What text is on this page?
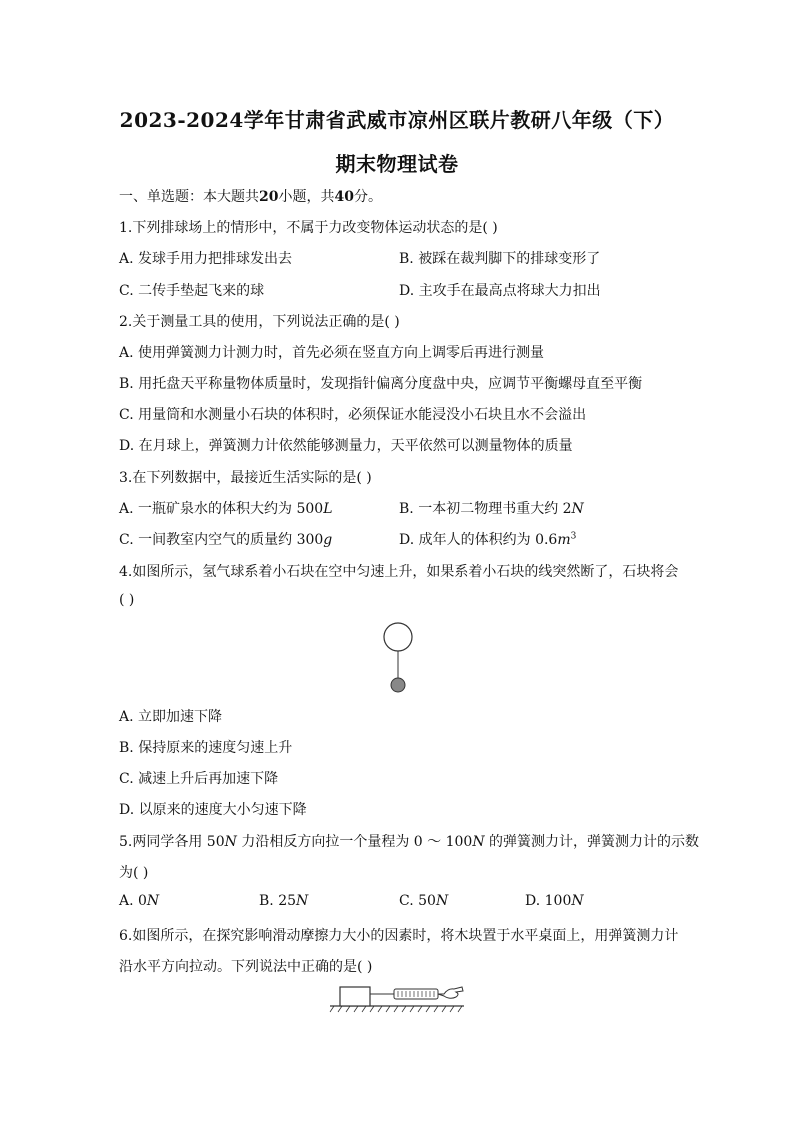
2023-2024学年甘肃省武威市凉州区联片教研八年级（下）
期末物理试卷
一、单选题：本大题共20小题，共40分。
1.下列排球场上的情形中，不属于力改变物体运动状态的是( )
A. 发球手用力把排球发出去	B. 被踩在裁判脚下的排球变形了
C. 二传手垫起飞来的球	D. 主攻手在最高点将球大力扣出
2.关于测量工具的使用，下列说法正确的是( )
A. 使用弹簧测力计测力时，首先必须在竖直方向上调零后再进行测量
B. 用托盘天平称量物体质量时，发现指针偏离分度盘中央，应调节平衡螺母直至平衡
C. 用量筒和水测量小石块的体积时，必须保证水能浸没小石块且水不会溢出
D. 在月球上，弹簧测力计依然能够测量力，天平依然可以测量物体的质量
3.在下列数据中，最接近生活实际的是( )
A. 一瓶矿泉水的体积大约为 500L	B. 一本初二物理书重大约 2N
C. 一间教室内空气的质量约 300g	D. 成年人的体积约为 $0.6m^3$
4.如图所示，氢气球系着小石块在空中匀速上升，如果系着小石块的线突然断了，石块将会
( )
A. 立即加速下降
B. 保持原来的速度匀速上升
C. 减速上升后再加速下降
D. 以原来的速度大小匀速下降
5.两同学各用 50N 力沿相反方向拉一个量程为 0 ～ 100N 的弹簧测力计，弹簧测力计的示数
为( )
A. 0N	B. 25N	C. 50N	D. 100N
6.如图所示，在探究影响滑动摩擦力大小的因素时，将木块置于水平桌面上，用弹簧测力计
沿水平方向拉动。下列说法中正确的是( )
